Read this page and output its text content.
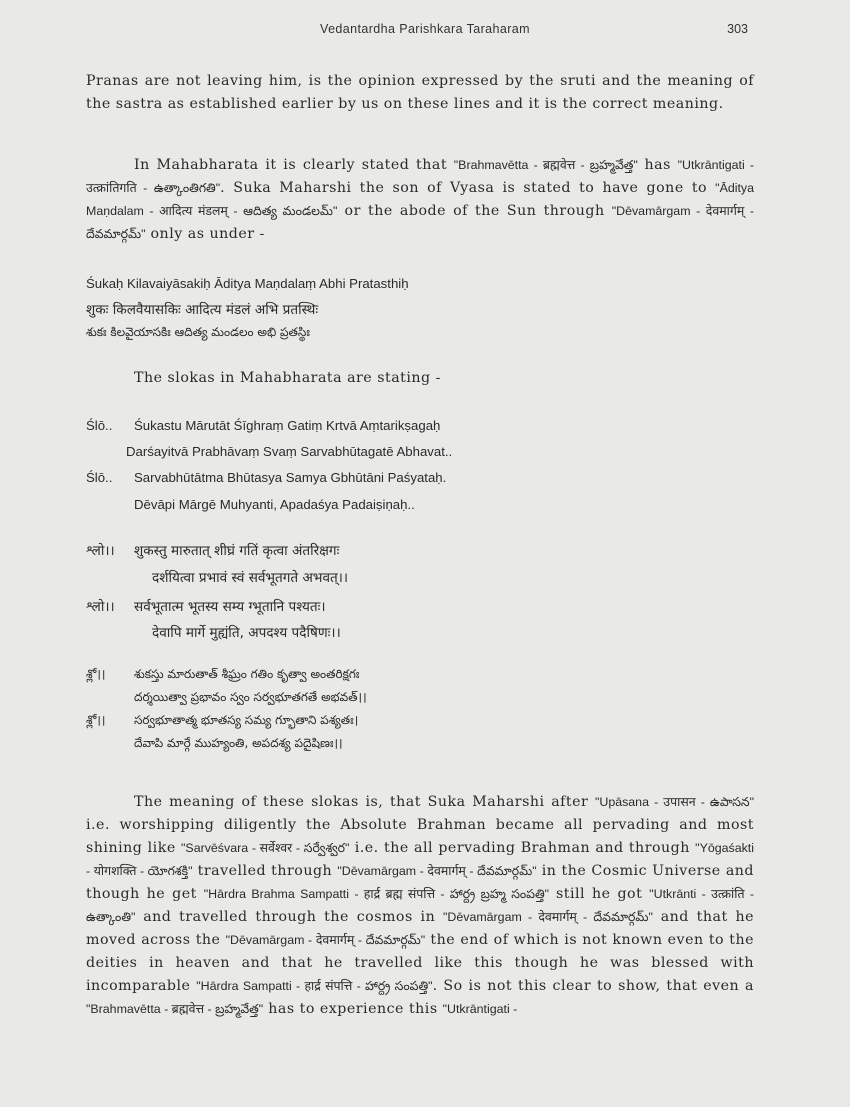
Vedantardha Parishkara Taraharam	303

Pranas are not leaving him, is the opinion expressed by the sruti and the meaning of the sastra as established earlier by us on these lines and it is the correct meaning.

In Mahabharata it is clearly stated that "Brahmavētta - ब्रह्मवेत्त - బ్రహ్మవేత్త" has "Utkrāntigati - उत्क्रांतिगति - ఉత్కాంతిగతి". Suka Maharshi the son of Vyasa is stated to have gone to "Āditya Maṇdalam - आदित्य मंडलम् - ఆదిత్య మండలమ్" or the abode of the Sun through "Dēvamārgam - देवमार्गम् - దేవమార్గమ్" only as under -

Śukaḥ Kilavaiyāsakiḥ Āditya Maṇdalaṃ Abhi Pratasthiḥ
शुकः किलवैयासकिः आदित्य मंडलं अभि प्रतस्थिः
శుకః కిలవైయాసకిః ఆదిత్య మండలం అభి ప్రతస్థిః
The slokas in Mahabharata are stating -
Ślō.. Śukastu Mārutāt Śīghraṃ Gatiṃ Krtvā Aṃtarikṣagaḥ
Darśayitvā Prabhāvaṃ Svaṃ Sarvabhūtagatē Abhavat..
Ślō.. Sarvabhūtātma Bhūtasya Samya Gbhūtāni Paśyataḥ.
Dēvāpi Mārgē Muhyanti, Apadaśya Padaiṣiṇaḥ..
श्लो।। शुकस्तु मारुतात् शीघ्रं गतिं कृत्वा अंतरिक्षगः
दर्शयित्वा प्रभावं स्वं सर्वभूतगते अभवत्।।
श्लो।। सर्वभूतात्म भूतस्य सम्य ग्भूतानि पश्यतः।
देवापि मार्गे मुह्यंति, अपदश्य पदैषिणः।।
శ్లో।। శుకస్తు మారుతాత్ శీఘ్రం గతిం కృత్వా అంతరిక్షగః
దర్శయిత్వా ప్రభావం స్వం సర్వభూతగతే అభవత్।।
శ్లో।। సర్వభూతాత్మ భూతస్య సమ్య గ్భూతాని పశ్యతః।
దేవాపి మార్గే ముహ్యంతి, అపదశ్య పదైషిణః।।

The meaning of these slokas is, that Suka Maharshi after "Upāsana - उपासन - ఉపాసన" i.e. worshipping diligently the Absolute Brahman became all pervading and most shining like "Sarvēśvara - सर्वेश्वर - సర్వేశ్వర" i.e. the all pervading Brahman and through "Yōgaśakti - योगशक्ति - యోగశక్తి" travelled through "Dēvamārgam - देवमार्गम् - దేవమార్గమ్" in the Cosmic Universe and though he get "Hārdra Brahma Sampatti - हार्द्र ब्रह्म संपत्ति - హార్ద్ర బ్రహ్మ సంపత్తి" still he got "Utkrānti - उत्क्रांति - ఉత్కాంతి" and travelled through the cosmos in "Dēvamārgam - देवमार्गम् - దేవమార్గమ్" and that he moved across the "Dēvamārgam - देवमार्गम् - దేవమార్గమ్" the end of which is not known even to the deities in heaven and that he travelled like this though he was blessed with incomparable "Hārdra Sampatti - हार्द्र संपत्ति - హార్ద్ర సంపత్తి". So is not this clear to show, that even a "Brahmavētta - ब्रह्मवेत्त - బ్రహ్మవేత్త" has to experience this "Utkrāntigati -
